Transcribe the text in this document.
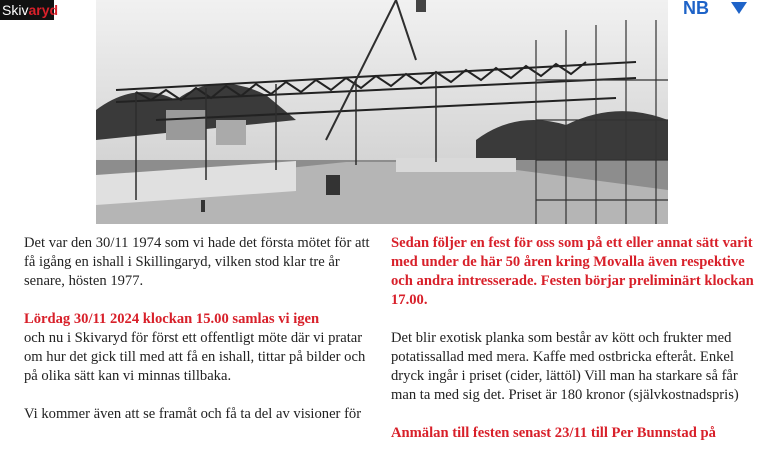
Skivaryd	NB

Det var den 30/11 1974 som vi hade det första mötet för att få igång en ishall i Skillingaryd, vilken stod klar tre år senare, hösten 1977.

Lördag 30/11 2024 klockan 15.00 samlas vi igen

och nu i Skivaryd för först ett offentligt möte där vi pratar om hur det gick till med att få en ishall, tittar på bilder och på olika sätt kan vi minnas tillbaka.

Vi kommer även att se framåt och få ta del av visioner för

Sedan följer en fest för oss som på ett eller annat sätt varit med under de här 50 åren kring Movalla även respektive och andra intresserade. Festen börjar preliminärt klockan 17.00.

Det blir exotisk planka som består av kött och frukter med potatissallad med mera. Kaffe med ostbricka efteråt. Enkel dryck ingår i priset (cider, lättöl) Vill man ha starkare så får man ta med sig det. Priset är 180 kronor (självkostnadspris)

Anmälan till festen senast 23/11 till Per Bunnstad på
